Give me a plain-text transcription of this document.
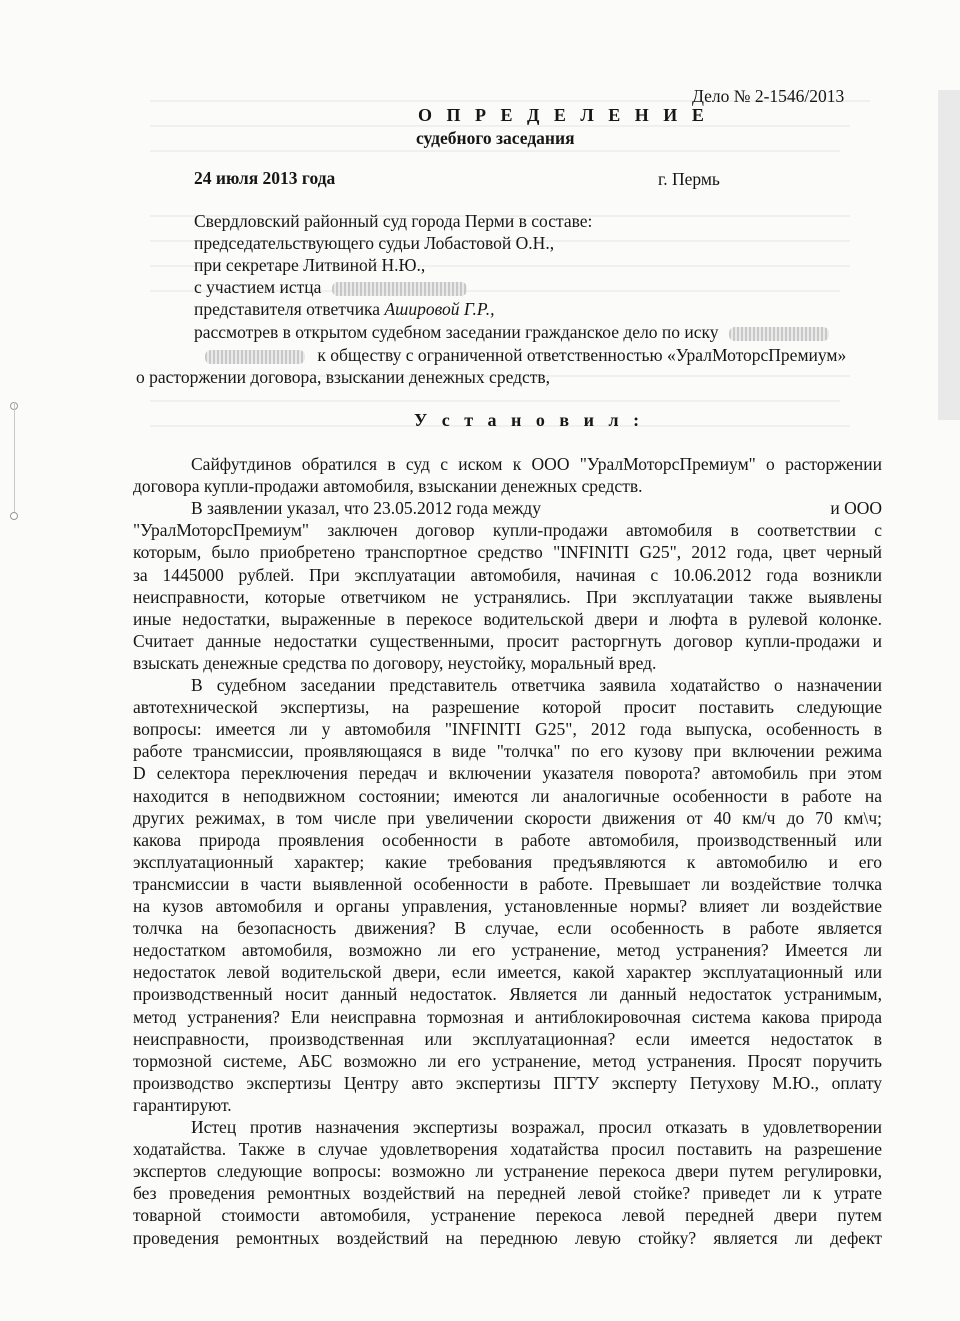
Дело № 2-1546/2013
О П Р Е Д Е Л Е Н И Е
судебного заседания
24 июля 2013 года	г. Пермь
Свердловский районный суд города Перми в составе:
председательствующего судьи Лобастовой О.Н.,
при секретаре Литвиной Н.Ю.,
с участием истца
представителя ответчика Ашировой Г.Р.,
рассмотрев в открытом судебном заседании гражданское дело по иску
к обществу с ограниченной ответственностью «УралМоторсПремиум»
о расторжении договора, взыскании денежных средств,
У с т а н о в и л :
Сайфутдинов обратился в суд с иском к ООО "УралМоторсПремиум" о расторжении
договора купли-продажи автомобиля, взыскании денежных средств.
В заявлении указал, что 23.05.2012 года между	и ООО
"УралМоторсПремиум" заключен договор купли-продажи автомобиля в соответствии с
которым, было приобретено транспортное средство "INFINITI G25", 2012 года, цвет черный
за 1445000 рублей. При эксплуатации автомобиля, начиная с 10.06.2012 года возникли
неисправности, которые ответчиком не устранялись. При эксплуатации также выявлены
иные недостатки, выраженные в перекосе водительской двери и люфта в рулевой колонке.
Считает данные недостатки существенными, просит расторгнуть договор купли-продажи и
взыскать денежные средства по договору, неустойку, моральный вред.
В судебном заседании представитель ответчика заявила ходатайство о назначении
автотехнической экспертизы, на разрешение которой просит поставить следующие
вопросы: имеется ли у автомобиля "INFINITI G25", 2012 года выпуска, особенность в
работе трансмиссии, проявляющаяся в виде "толчка" по его кузову при включении режима
D селектора переключения передач и включении указателя поворота? автомобиль при этом
находится в неподвижном состоянии; имеются ли аналогичные особенности в работе на
других режимах, в том числе при увеличении скорости движения от 40 км/ч до 70 км\ч;
какова природа проявления особенности в работе автомобиля, производственный или
эксплуатационный характер; какие требования предъявляются к автомобилю и его
трансмиссии в части выявленной особенности в работе. Превышает ли воздействие толчка
на кузов автомобиля и органы управления, установленные нормы? влияет ли воздействие
толчка на безопасность движения? В случае, если особенность в работе является
недостатком автомобиля, возможно ли его устранение, метод устранения? Имеется ли
недостаток левой водительской двери, если имеется, какой характер эксплуатационный или
производственный носит данный недостаток. Является ли данный недостаток устранимым,
метод устранения? Ели неисправна тормозная и антиблокировочная система какова природа
неисправности, производственная или эксплуатационная? если имеется недостаток в
тормозной системе, АБС возможно ли его устранение, метод устранения. Просят поручить
производство экспертизы Центру авто экспертизы ПГТУ эксперту Петухову М.Ю., оплату
гарантируют.
Истец против назначения экспертизы возражал, просил отказать в удовлетворении
ходатайства. Также в случае удовлетворения ходатайства просил поставить на разрешение
экспертов следующие вопросы: возможно ли устранение перекоса двери путем регулировки,
без проведения ремонтных воздействий на передней левой стойке? приведет ли к утрате
товарной стоимости автомобиля, устранение перекоса левой передней двери путем
проведения ремонтных воздействий на переднюю левую стойку? является ли дефект
